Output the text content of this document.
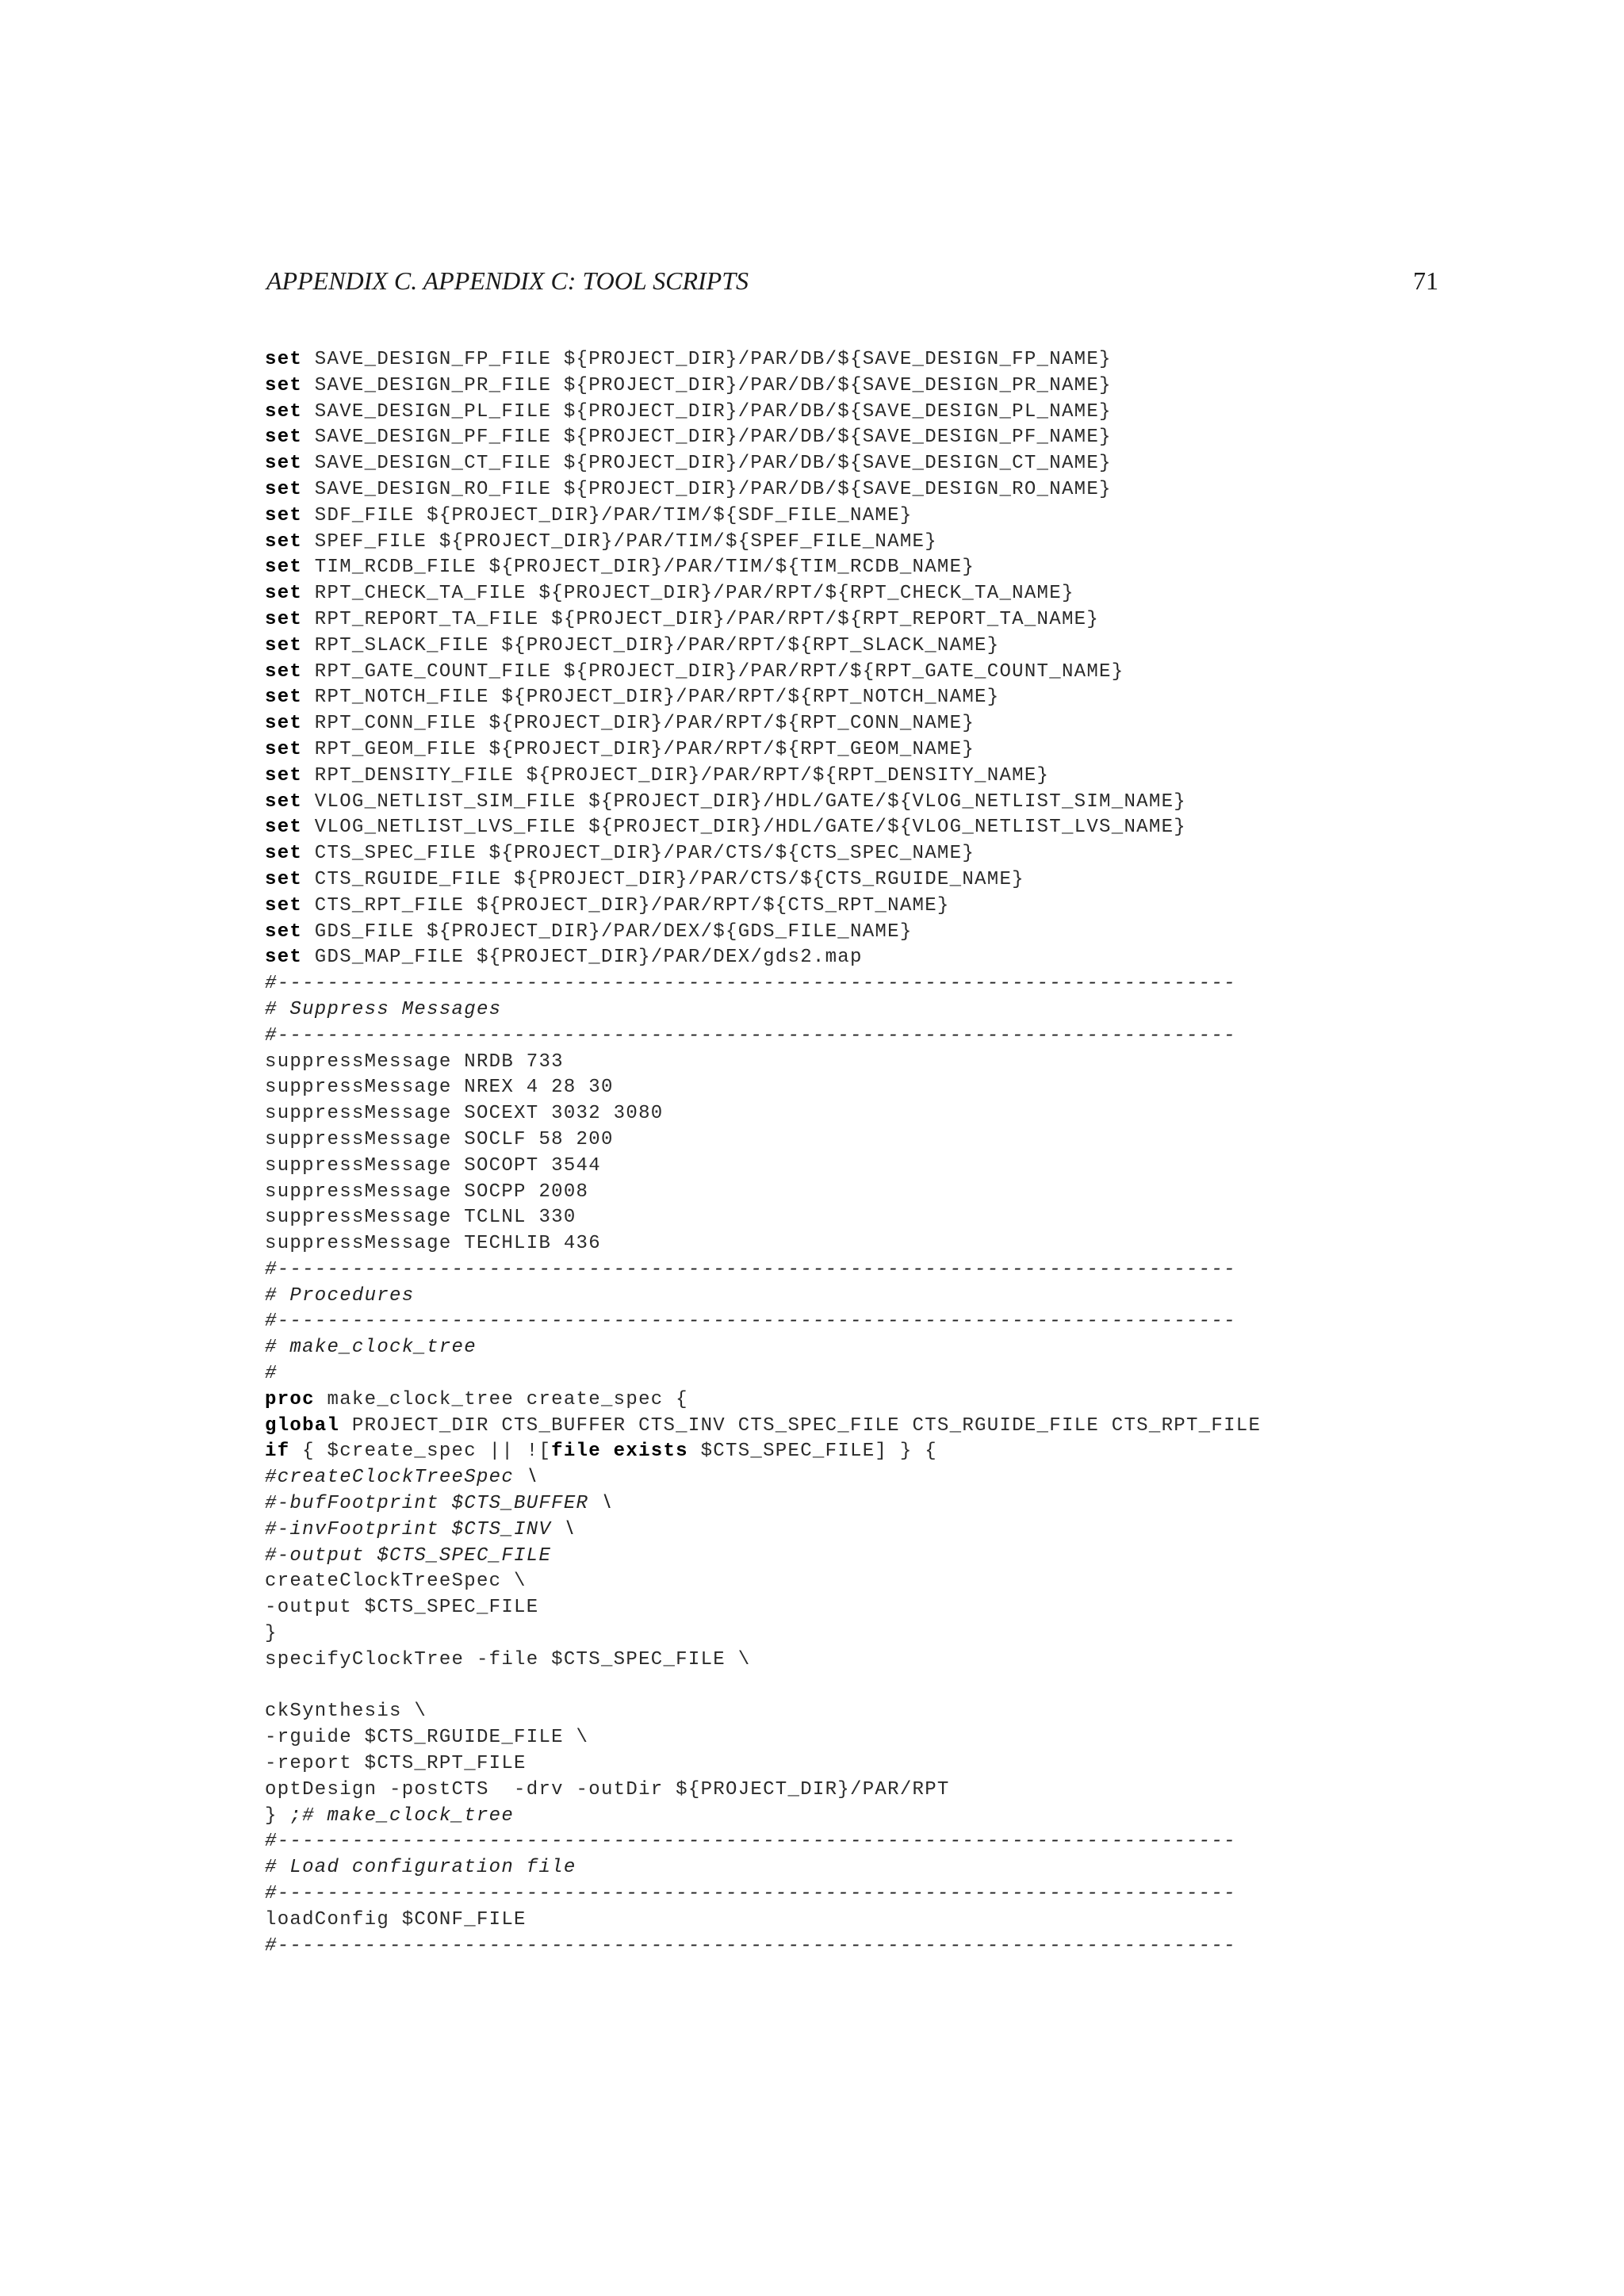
APPENDIX C. APPENDIX C: TOOL SCRIPTS	71
set SAVE_DESIGN_FP_FILE ${PROJECT_DIR}/PAR/DB/${SAVE_DESIGN_FP_NAME}
set SAVE_DESIGN_PR_FILE ${PROJECT_DIR}/PAR/DB/${SAVE_DESIGN_PR_NAME}
set SAVE_DESIGN_PL_FILE ${PROJECT_DIR}/PAR/DB/${SAVE_DESIGN_PL_NAME}
set SAVE_DESIGN_PF_FILE ${PROJECT_DIR}/PAR/DB/${SAVE_DESIGN_PF_NAME}
set SAVE_DESIGN_CT_FILE ${PROJECT_DIR}/PAR/DB/${SAVE_DESIGN_CT_NAME}
set SAVE_DESIGN_RO_FILE ${PROJECT_DIR}/PAR/DB/${SAVE_DESIGN_RO_NAME}
set SDF_FILE ${PROJECT_DIR}/PAR/TIM/${SDF_FILE_NAME}
set SPEF_FILE ${PROJECT_DIR}/PAR/TIM/${SPEF_FILE_NAME}
set TIM_RCDB_FILE ${PROJECT_DIR}/PAR/TIM/${TIM_RCDB_NAME}
set RPT_CHECK_TA_FILE ${PROJECT_DIR}/PAR/RPT/${RPT_CHECK_TA_NAME}
set RPT_REPORT_TA_FILE ${PROJECT_DIR}/PAR/RPT/${RPT_REPORT_TA_NAME}
set RPT_SLACK_FILE ${PROJECT_DIR}/PAR/RPT/${RPT_SLACK_NAME}
set RPT_GATE_COUNT_FILE ${PROJECT_DIR}/PAR/RPT/${RPT_GATE_COUNT_NAME}
set RPT_NOTCH_FILE ${PROJECT_DIR}/PAR/RPT/${RPT_NOTCH_NAME}
set RPT_CONN_FILE ${PROJECT_DIR}/PAR/RPT/${RPT_CONN_NAME}
set RPT_GEOM_FILE ${PROJECT_DIR}/PAR/RPT/${RPT_GEOM_NAME}
set RPT_DENSITY_FILE ${PROJECT_DIR}/PAR/RPT/${RPT_DENSITY_NAME}
set VLOG_NETLIST_SIM_FILE ${PROJECT_DIR}/HDL/GATE/${VLOG_NETLIST_SIM_NAME}
set VLOG_NETLIST_LVS_FILE ${PROJECT_DIR}/HDL/GATE/${VLOG_NETLIST_LVS_NAME}
set CTS_SPEC_FILE ${PROJECT_DIR}/PAR/CTS/${CTS_SPEC_NAME}
set CTS_RGUIDE_FILE ${PROJECT_DIR}/PAR/CTS/${CTS_RGUIDE_NAME}
set CTS_RPT_FILE ${PROJECT_DIR}/PAR/RPT/${CTS_RPT_NAME}
set GDS_FILE ${PROJECT_DIR}/PAR/DEX/${GDS_FILE_NAME}
set GDS_MAP_FILE ${PROJECT_DIR}/PAR/DEX/gds2.map
#-----------------------------------------------------------------------------
# Suppress Messages
#-----------------------------------------------------------------------------
suppressMessage NRDB 733
suppressMessage NREX 4 28 30
suppressMessage SOCEXT 3032 3080
suppressMessage SOCLF 58 200
suppressMessage SOCOPT 3544
suppressMessage SOCPP 2008
suppressMessage TCLNL 330
suppressMessage TECHLIB 436
#-----------------------------------------------------------------------------
# Procedures
#-----------------------------------------------------------------------------
# make_clock_tree
#
proc make_clock_tree create_spec {
global PROJECT_DIR CTS_BUFFER CTS_INV CTS_SPEC_FILE CTS_RGUIDE_FILE CTS_RPT_FILE
if { $create_spec || ![file exists $CTS_SPEC_FILE] } {
#createClockTreeSpec \
#-bufFootprint $CTS_BUFFER \
#-invFootprint $CTS_INV \
#-output $CTS_SPEC_FILE
createClockTreeSpec \
-output $CTS_SPEC_FILE
}
specifyClockTree -file $CTS_SPEC_FILE \
ckSynthesis \
-rguide $CTS_RGUIDE_FILE \
-report $CTS_RPT_FILE
optDesign -postCTS  -drv -outDir ${PROJECT_DIR}/PAR/RPT
} ;# make_clock_tree
#-----------------------------------------------------------------------------
# Load configuration file
#-----------------------------------------------------------------------------
loadConfig $CONF_FILE
#-----------------------------------------------------------------------------
